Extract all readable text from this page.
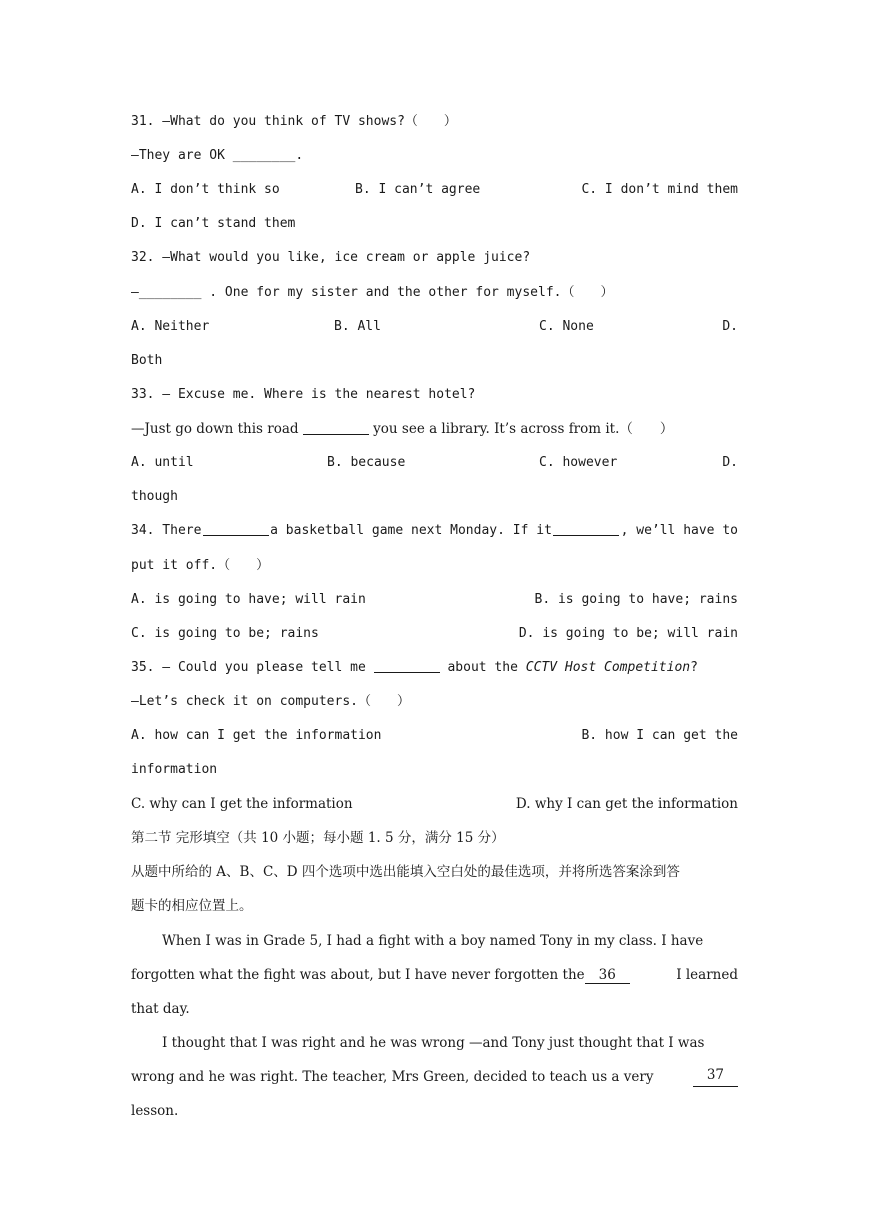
31. —What do you think of TV shows?（　　）
—They are OK ________.
A. I don’t think so	B. I can’t agree	C. I don’t mind them
D. I can’t stand them
32. —What would you like, ice cream or apple juice?
—________ . One for my sister and the other for myself.（　　）
A. Neither	B. All	C. None	D.
Both
33. — Excuse me. Where is the nearest hotel?
—Just go down this road	you see a library. It’s across from it.（　　）
A. until	B. because	C. however	D.
though
34. There	a basketball game next Monday. If it	, we’ll have to
put it off.（　　）
A. is going to have; will rain	B. is going to have; rains
C. is going to be; rains	D. is going to be; will rain
35. — Could you please tell me	about the CCTV Host Competition?
—Let’s check it on computers.（　　）
A. how can I get the information	B. how I can get the
information
C. why can I get the information	D. why I can get the information
第二节 完形填空（共 10 小题；每小题 1. 5 分，满分 15 分）
从题中所给的 A、B、C、D 四个选项中选出能填入空白处的最佳选项，并将所选答案涂到答
题卡的相应位置上。
When I was in Grade 5, I had a fight with a boy named Tony in my class. I have
forgotten what the fight was about, but I have never forgotten the 36	I learned
that day.
I thought that I was right and he was wrong —and Tony just thought that I was
wrong and he was right. The teacher, Mrs Green, decided to teach us a very	37
lesson.
